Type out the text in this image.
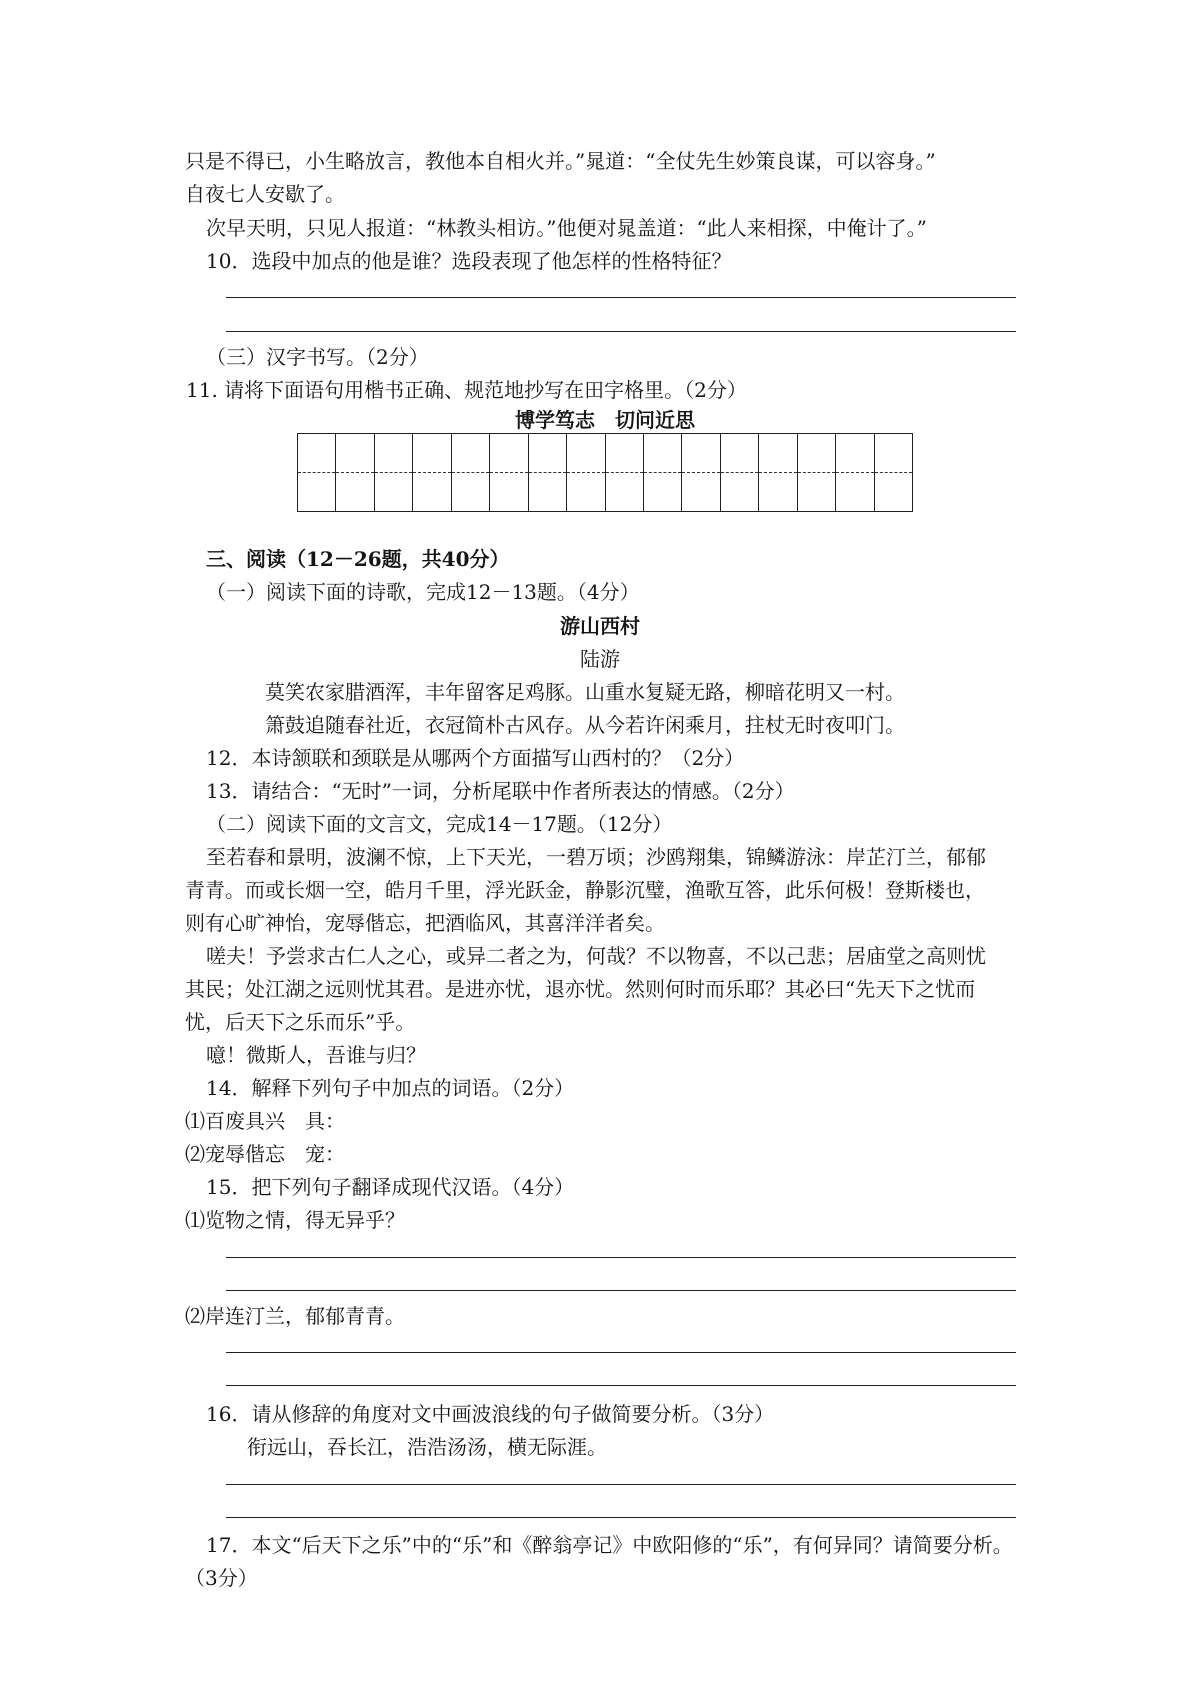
只是不得已，小生略放言，教他本自相火并。”晁道：“全仗先生妙策良谋，可以容身。”
自夜七人安歇了。
次早天明，只见人报道：“林教头相访。”他便对晁盖道：“此人来相探，中俺计了。”
10．选段中加点的他是谁？选段表现了他怎样的性格特征？
（三）汉字书写。（2分）
11. 请将下面语句用楷书正确、规范地抄写在田字格里。（2分）
博学笃志　切问近思
三、阅读（12－26题，共40分）
（一）阅读下面的诗歌，完成12－13题。（4分）
游山西村
陆游
莫笑农家腊酒浑，丰年留客足鸡豚。山重水复疑无路，柳暗花明又一村。
箫鼓追随春社近，衣冠简朴古风存。从今若许闲乘月，拄杖无时夜叩门。
12．本诗颔联和颈联是从哪两个方面描写山西村的？（2分）
13．请结合：“无时”一词，分析尾联中作者所表达的情感。（2分）
（二）阅读下面的文言文，完成14－17题。（12分）
至若春和景明，波澜不惊，上下天光，一碧万顷；沙鸥翔集，锦鳞游泳：岸芷汀兰，郁郁
青青。而或长烟一空，皓月千里，浮光跃金，静影沉璧，渔歌互答，此乐何极！登斯楼也，
则有心旷神怡，宠辱偕忘，把酒临风，其喜洋洋者矣。
嗟夫！予尝求古仁人之心，或异二者之为，何哉？不以物喜，不以己悲；居庙堂之高则忧
其民；处江湖之远则忧其君。是进亦忧，退亦忧。然则何时而乐耶？其必曰“先天下之忧而
忧，后天下之乐而乐”乎。
噫！微斯人，吾谁与归？
14．解释下列句子中加点的词语。（2分）
⑴百废具兴　具：
⑵宠辱偕忘　宠：
15．把下列句子翻译成现代汉语。（4分）
⑴览物之情，得无异乎？
⑵岸连汀兰，郁郁青青。
16．请从修辞的角度对文中画波浪线的句子做简要分析。（3分）
衔远山，吞长江，浩浩汤汤，横无际涯。
17．本文“后天下之乐”中的“乐”和《醉翁亭记》中欧阳修的“乐”，有何异同？请简要分析。
（3分）
